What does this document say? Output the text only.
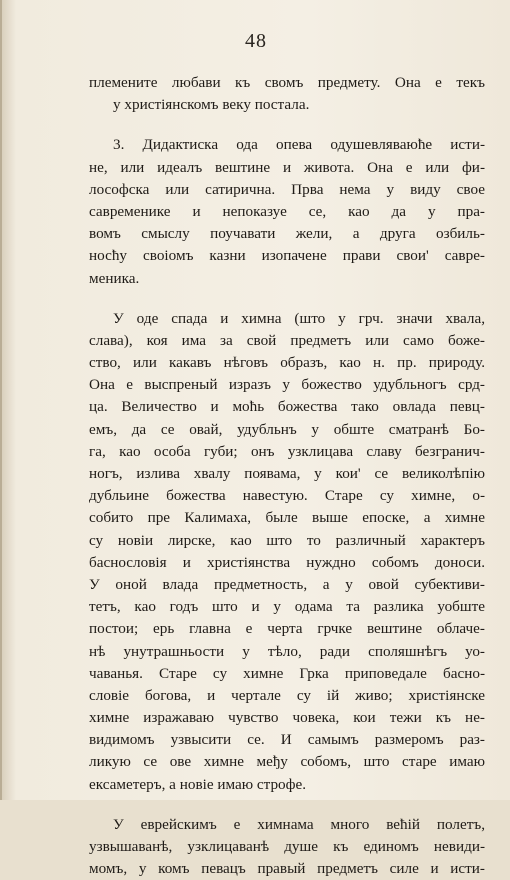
48
племените любави къ свомъ предмету. Она е текъ
у христiянскомъ веку постала.
3. Дидактиска ода опева одушевляваюће исти-
не, или идеалъ вештине и живота. Она е или фи-
лософска или сатирична. Прва нема у виду свое
савременике и непоказуе се, као да у пра-
вомъ смыслу поучавати жели, а друга озбиль-
носћу своiомъ казни изопачене прави свои' савре-
меника.
У оде спада и химна (што у грч. значи хвала,
слава), коя има за свой предметъ или само боже-
ство, или какавъ нѣговъ образъ, као н. пр. природу.
Она е выспреный изразъ у божество удубльногъ срд-
ца. Величество и моћь божества тако овлада певц-
емъ, да се овай, удубльнъ у обште сматранѣ Бо-
га, као особа губи; онъ узклицава славу безгранич-
ногъ, излива хвалу появама, у кои' се великолѣпiю
дубльине божества навестую. Старе су химне, о-
собито пре Калимаха, быле выше епоске, а химне
су новiи лирске, као што то различный характеръ
баснословiя и христiянства нуждно собомъ доноси.
У оной влада предметность, а у овой субективи-
тетъ, као годъ што и у одама та разлика уобште
постои; ерь главна е черта грчке вештине облаче-
нѣ унутрашньости у тѣло, ради споляшнѣгъ уо-
чаванья. Старе су химне Грка приповедале басно-
словiе богова, и чертале су iй живо; христiянске
химне изражаваю чувство човека, кои тежи къ не-
видимомъ узвысити се. И самымъ размеромъ раз-
ликую се ове химне међу собомъ, што старе имаю
ексаметеръ, а новiе имаю строфе.
У еврейскимъ е химнама много већiй полетъ,
узвышаванѣ, узклицаванѣ душе къ единомъ невиди-
момъ, у комъ певацъ правый предметъ силе и исти-
